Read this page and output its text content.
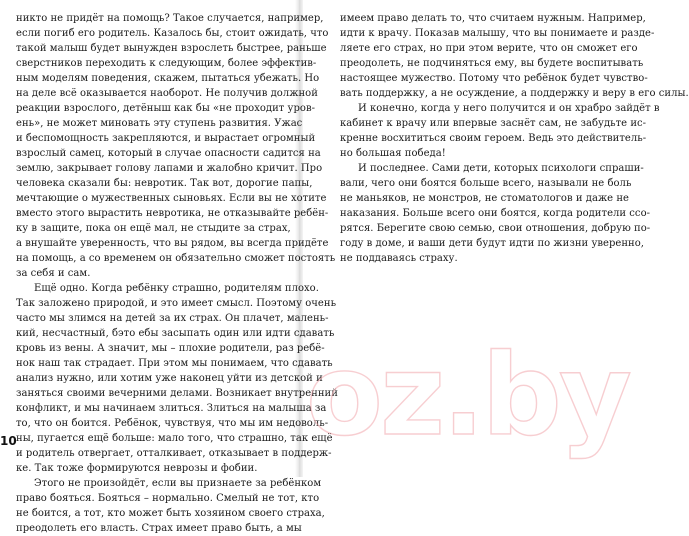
никто не придёт на помощь? Такое случается, например,
если погиб его родитель. Казалось бы, стоит ожидать, что
такой малыш будет вынужден взрослеть быстрее, раньше
сверстников переходить к следующим, более эффектив-
ным моделям поведения, скажем, пытаться убежать. Но
на деле всё оказывается наоборот. Не получив должной
реакции взрослого, детёныш как бы «не проходит уров-
ень», не может миновать эту ступень развития. Ужас
и беспомощность закрепляются, и вырастает огромный
взрослый самец, который в случае опасности садится на
землю, закрывает голову лапами и жалобно кричит. Про
человека сказали бы: невротик. Так вот, дорогие папы,
мечтающие о мужественных сыновьях. Если вы не хотите
вместо этого вырастить невротика, не отказывайте ребён-
ку в защите, пока он ещё мал, не стыдите за страх,
а внушайте уверенность, что вы рядом, вы всегда придёте
на помощь, а со временем он обязательно сможет постоять
за себя и сам.
Ещё одно. Когда ребёнку страшно, родителям плохо.
Так заложено природой, и это имеет смысл. Поэтому очень
часто мы злимся на детей за их страх. Он плачет, малень-
кий, несчастный, бэто ебы засыпать один или идти сдавать
кровь из вены. А значит, мы – плохие родители, раз ребё-
нок наш так страдает. При этом мы понимаем, что сдавать
анализ нужно, или хотим уже наконец уйти из детской и
заняться своими вечерними делами. Возникает внутренний
конфликт, и мы начинаем злиться. Злиться на малыша за
то, что он боится. Ребёнок, чувствуя, что мы им недоволь-
ны, пугается ещё больше: мало того, что страшно, так ещё
и родитель отвергает, отталкивает, отказывает в поддерж-
ке. Так тоже формируются неврозы и фобии.
Этого не произойдёт, если вы признаете за ребёнком
право бояться. Бояться – нормально. Смелый не тот, кто
не боится, а тот, кто может быть хозяином своего страха,
преодолеть его власть. Страх имеет право быть, а мы
имеем право делать то, что считаем нужным. Например,
идти к врачу. Показав малышу, что вы понимаете и разде-
ляете его страх, но при этом верите, что он сможет его
преодолеть, не подчиняться ему, вы будете воспитывать
настоящее мужество. Потому что ребёнок будет чувство-
вать поддержку, а не осуждение, а поддержку и веру в его силы.
И конечно, когда у него получится и он храбро зайдёт в
кабинет к врачу или впервые заснёт сам, не забудьте ис-
кренне восхититься своим героем. Ведь это действитель-
но большая победа!
И последнее. Сами дети, которых психологи спраши-
вали, чего они боятся больше всего, называли не боль
не маньяков, не монстров, не стоматологов и даже не
наказания. Больше всего они боятся, когда родители ссо-
рятся. Берегите свою семью, свои отношения, добрую по-
году в доме, и ваши дети будут идти по жизни уверенно,
не поддаваясь страху.
10
